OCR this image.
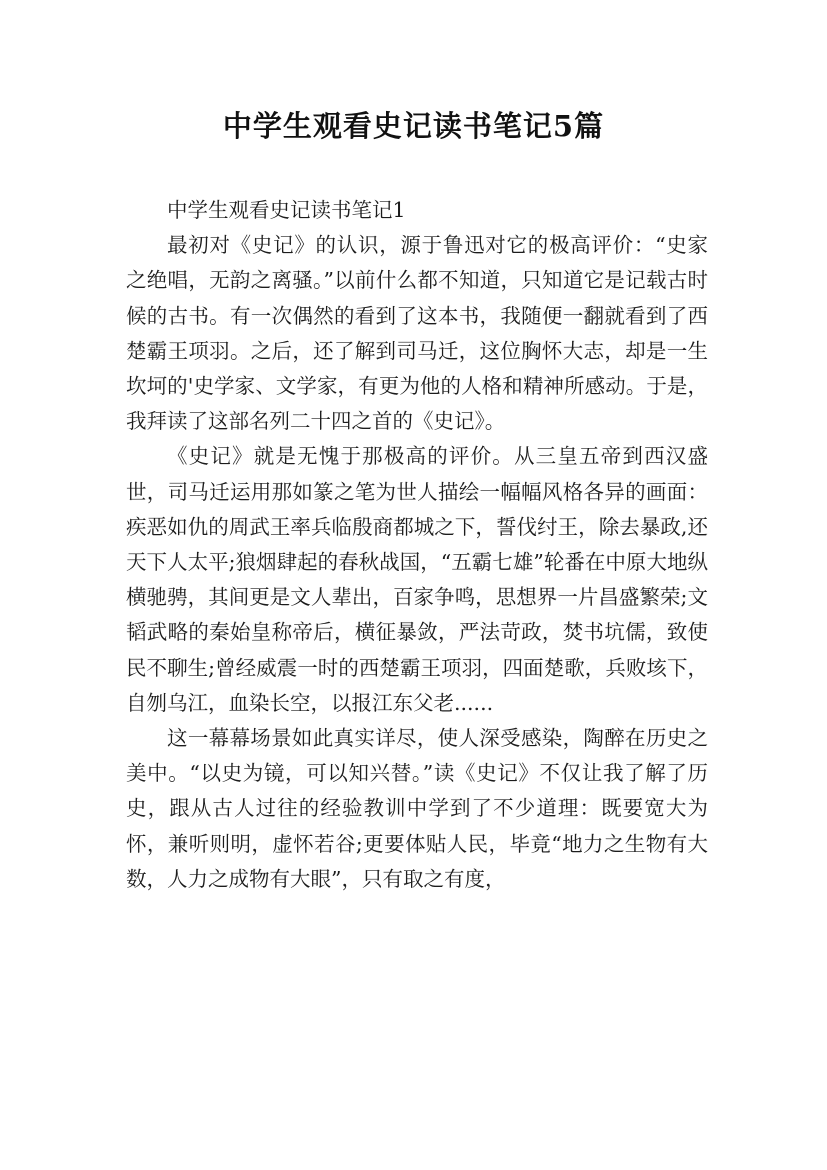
中学生观看史记读书笔记5篇

中学生观看史记读书笔记1

最初对《史记》的认识，源于鲁迅对它的极高评价：“史家之绝唱，无韵之离骚。”以前什么都不知道，只知道它是记载古时候的古书。有一次偶然的看到了这本书，我随便一翻就看到了西楚霸王项羽。之后，还了解到司马迁，这位胸怀大志，却是一生坎坷的'史学家、文学家，有更为他的人格和精神所感动。于是，我拜读了这部名列二十四之首的《史记》。

《史记》就是无愧于那极高的评价。从三皇五帝到西汉盛世，司马迁运用那如篆之笔为世人描绘一幅幅风格各异的画面：疾恶如仇的周武王率兵临殷商都城之下，誓伐纣王，除去暴政,还天下人太平;狼烟肆起的春秋战国，“五霸七雄”轮番在中原大地纵横驰骋，其间更是文人辈出，百家争鸣，思想界一片昌盛繁荣;文韬武略的秦始皇称帝后，横征暴敛，严法苛政，焚书坑儒，致使民不聊生;曾经威震一时的西楚霸王项羽，四面楚歌，兵败垓下，自刎乌江，血染长空，以报江东父老......

这一幕幕场景如此真实详尽，使人深受感染，陶醉在历史之美中。“以史为镜，可以知兴替。”读《史记》不仅让我了解了历史，跟从古人过往的经验教训中学到了不少道理：既要宽大为怀，兼听则明，虚怀若谷;更要体贴人民，毕竟“地力之生物有大数，人力之成物有大眼”，只有取之有度，
